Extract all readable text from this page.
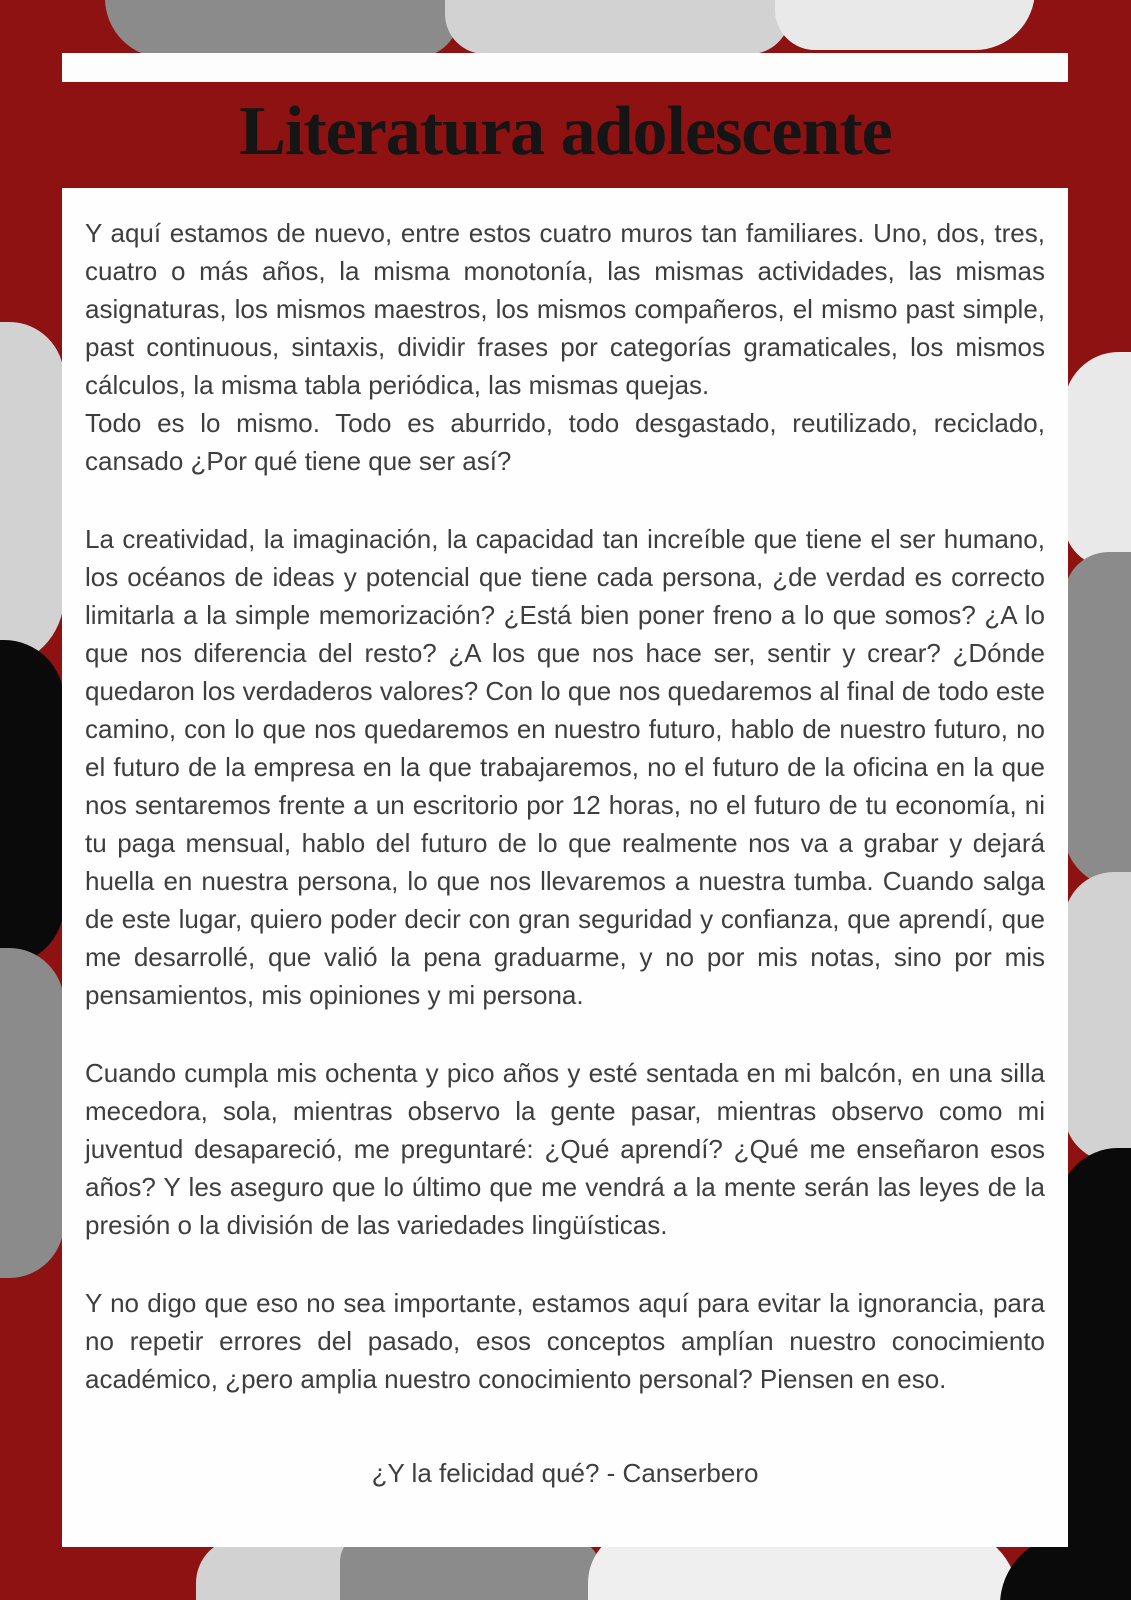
Literatura adolescente

Y aquí estamos de nuevo, entre estos cuatro muros tan familiares. Uno, dos, tres, cuatro o más años, la misma monotonía, las mismas actividades, las mismas asignaturas, los mismos maestros, los mismos compañeros, el mismo past simple, past continuous, sintaxis, dividir frases por categorías gramaticales, los mismos cálculos, la misma tabla periódica, las mismas quejas.

Todo es lo mismo. Todo es aburrido, todo desgastado, reutilizado, reciclado, cansado ¿Por qué tiene que ser así?

La creatividad, la imaginación, la capacidad tan increíble que tiene el ser humano, los océanos de ideas y potencial que tiene cada persona, ¿de verdad es correcto limitarla a la simple memorización? ¿Está bien poner freno a lo que somos? ¿A lo que nos diferencia del resto? ¿A los que nos hace ser, sentir y crear? ¿Dónde quedaron los verdaderos valores? Con lo que nos quedaremos al final de todo este camino, con lo que nos quedaremos en nuestro futuro, hablo de nuestro futuro, no el futuro de la empresa en la que trabajaremos, no el futuro de la oficina en la que nos sentaremos frente a un escritorio por 12 horas, no el futuro de tu economía, ni tu paga mensual, hablo del futuro de lo que realmente nos va a grabar y dejará huella en nuestra persona, lo que nos llevaremos a nuestra tumba. Cuando salga de este lugar, quiero poder decir con gran seguridad y confianza, que aprendí, que me desarrollé, que valió la pena graduarme, y no por mis notas, sino por mis pensamientos, mis opiniones y mi persona.

Cuando cumpla mis ochenta y pico años y esté sentada en mi balcón, en una silla mecedora, sola, mientras observo la gente pasar, mientras observo como mi juventud desapareció, me preguntaré: ¿Qué aprendí? ¿Qué me enseñaron esos años? Y les aseguro que lo último que me vendrá a la mente serán las leyes de la presión o la división de las variedades lingüísticas.

Y no digo que eso no sea importante, estamos aquí para evitar la ignorancia, para no repetir errores del pasado, esos conceptos amplían nuestro conocimiento académico, ¿pero amplia nuestro conocimiento personal? Piensen en eso.

¿Y la felicidad qué? - Canserbero
